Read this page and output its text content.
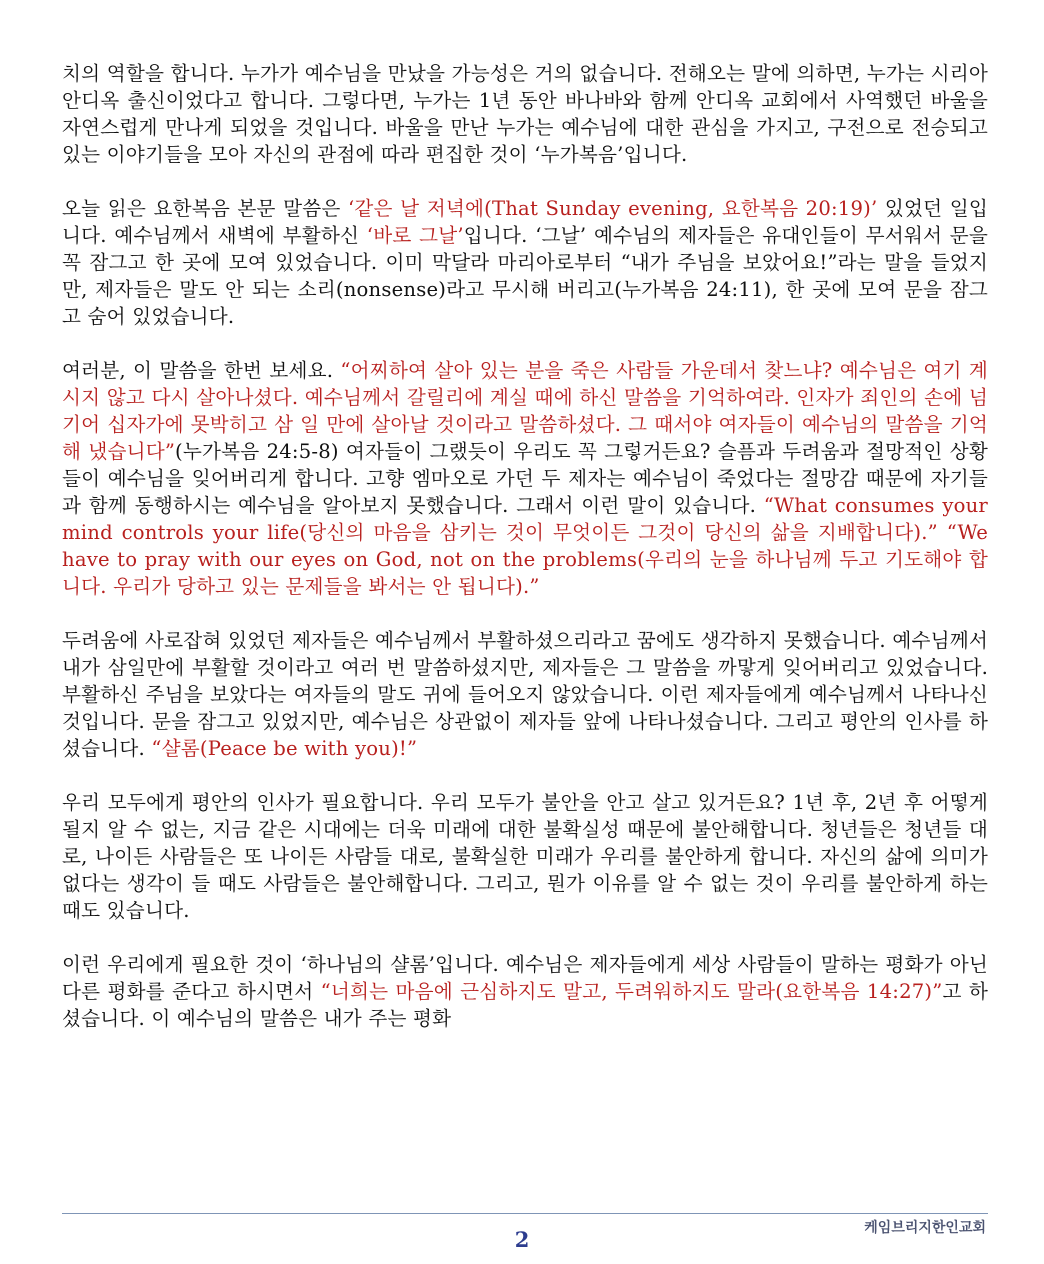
치의 역할을 합니다. 누가가 예수님을 만났을 가능성은 거의 없습니다. 전해오는 말에 의하면, 누가는 시리아 안디옥 출신이었다고 합니다. 그렇다면, 누가는 1년 동안 바나바와 함께 안디옥 교회에서 사역했던 바울을 자연스럽게 만나게 되었을 것입니다. 바울을 만난 누가는 예수님에 대한 관심을 가지고, 구전으로 전승되고 있는 이야기들을 모아 자신의 관점에 따라 편집한 것이 ‘누가복음’입니다.

오늘 읽은 요한복음 본문 말씀은 ‘같은 날 저녁에(That Sunday evening, 요한복음 20:19)’ 있었던 일입니다. 예수님께서 새벽에 부활하신 ‘바로 그날’입니다. ‘그날’ 예수님의 제자들은 유대인들이 무서워서 문을 꼭 잠그고 한 곳에 모여 있었습니다. 이미 막달라 마리아로부터 “내가 주님을 보았어요!”라는 말을 들었지만, 제자들은 말도 안 되는 소리(nonsense)라고 무시해 버리고(누가복음 24:11), 한 곳에 모여 문을 잠그고 숨어 있었습니다.

여러분, 이 말씀을 한번 보세요. “어찌하여 살아 있는 분을 죽은 사람들 가운데서 찾느냐? 예수님은 여기 계시지 않고 다시 살아나셨다. 예수님께서 갈릴리에 계실 때에 하신 말씀을 기억하여라. 인자가 죄인의 손에 넘기어 십자가에 못박히고 삼 일 만에 살아날 것이라고 말씀하셨다. 그 때서야 여자들이 예수님의 말씀을 기억해 냈습니다”(누가복음 24:5-8) 여자들이 그랬듯이 우리도 꼭 그렇거든요? 슬픔과 두려움과 절망적인 상황들이 예수님을 잊어버리게 합니다. 고향 엠마오로 가던 두 제자는 예수님이 죽었다는 절망감 때문에 자기들과 함께 동행하시는 예수님을 알아보지 못했습니다. 그래서 이런 말이 있습니다. “What consumes your mind controls your life(당신의 마음을 삼키는 것이 무엇이든 그것이 당신의 삶을 지배합니다).” “We have to pray with our eyes on God, not on the problems(우리의 눈을 하나님께 두고 기도해야 합니다. 우리가 당하고 있는 문제들을 봐서는 안 됩니다).”

두려움에 사로잡혀 있었던 제자들은 예수님께서 부활하셨으리라고 꿈에도 생각하지 못했습니다. 예수님께서 내가 삼일만에 부활할 것이라고 여러 번 말씀하셨지만, 제자들은 그 말씀을 까맣게 잊어버리고 있었습니다. 부활하신 주님을 보았다는 여자들의 말도 귀에 들어오지 않았습니다. 이런 제자들에게 예수님께서 나타나신 것입니다. 문을 잠그고 있었지만, 예수님은 상관없이 제자들 앞에 나타나셨습니다. 그리고 평안의 인사를 하셨습니다. “샬롬(Peace be with you)!”

우리 모두에게 평안의 인사가 필요합니다. 우리 모두가 불안을 안고 살고 있거든요? 1년 후, 2년 후 어떻게 될지 알 수 없는, 지금 같은 시대에는 더욱 미래에 대한 불확실성 때문에 불안해합니다. 청년들은 청년들 대로, 나이든 사람들은 또 나이든 사람들 대로, 불확실한 미래가 우리를 불안하게 합니다. 자신의 삶에 의미가 없다는 생각이 들 때도 사람들은 불안해합니다. 그리고, 뭔가 이유를 알 수 없는 것이 우리를 불안하게 하는 때도 있습니다.

이런 우리에게 필요한 것이 ‘하나님의 샬롬’입니다. 예수님은 제자들에게 세상 사람들이 말하는 평화가 아닌 다른 평화를 준다고 하시면서 “너희는 마음에 근심하지도 말고, 두려워하지도 말라(요한복음 14:27)”고 하셨습니다. 이 예수님의 말씀은 내가 주는 평화

케임브리지한인교회
2
